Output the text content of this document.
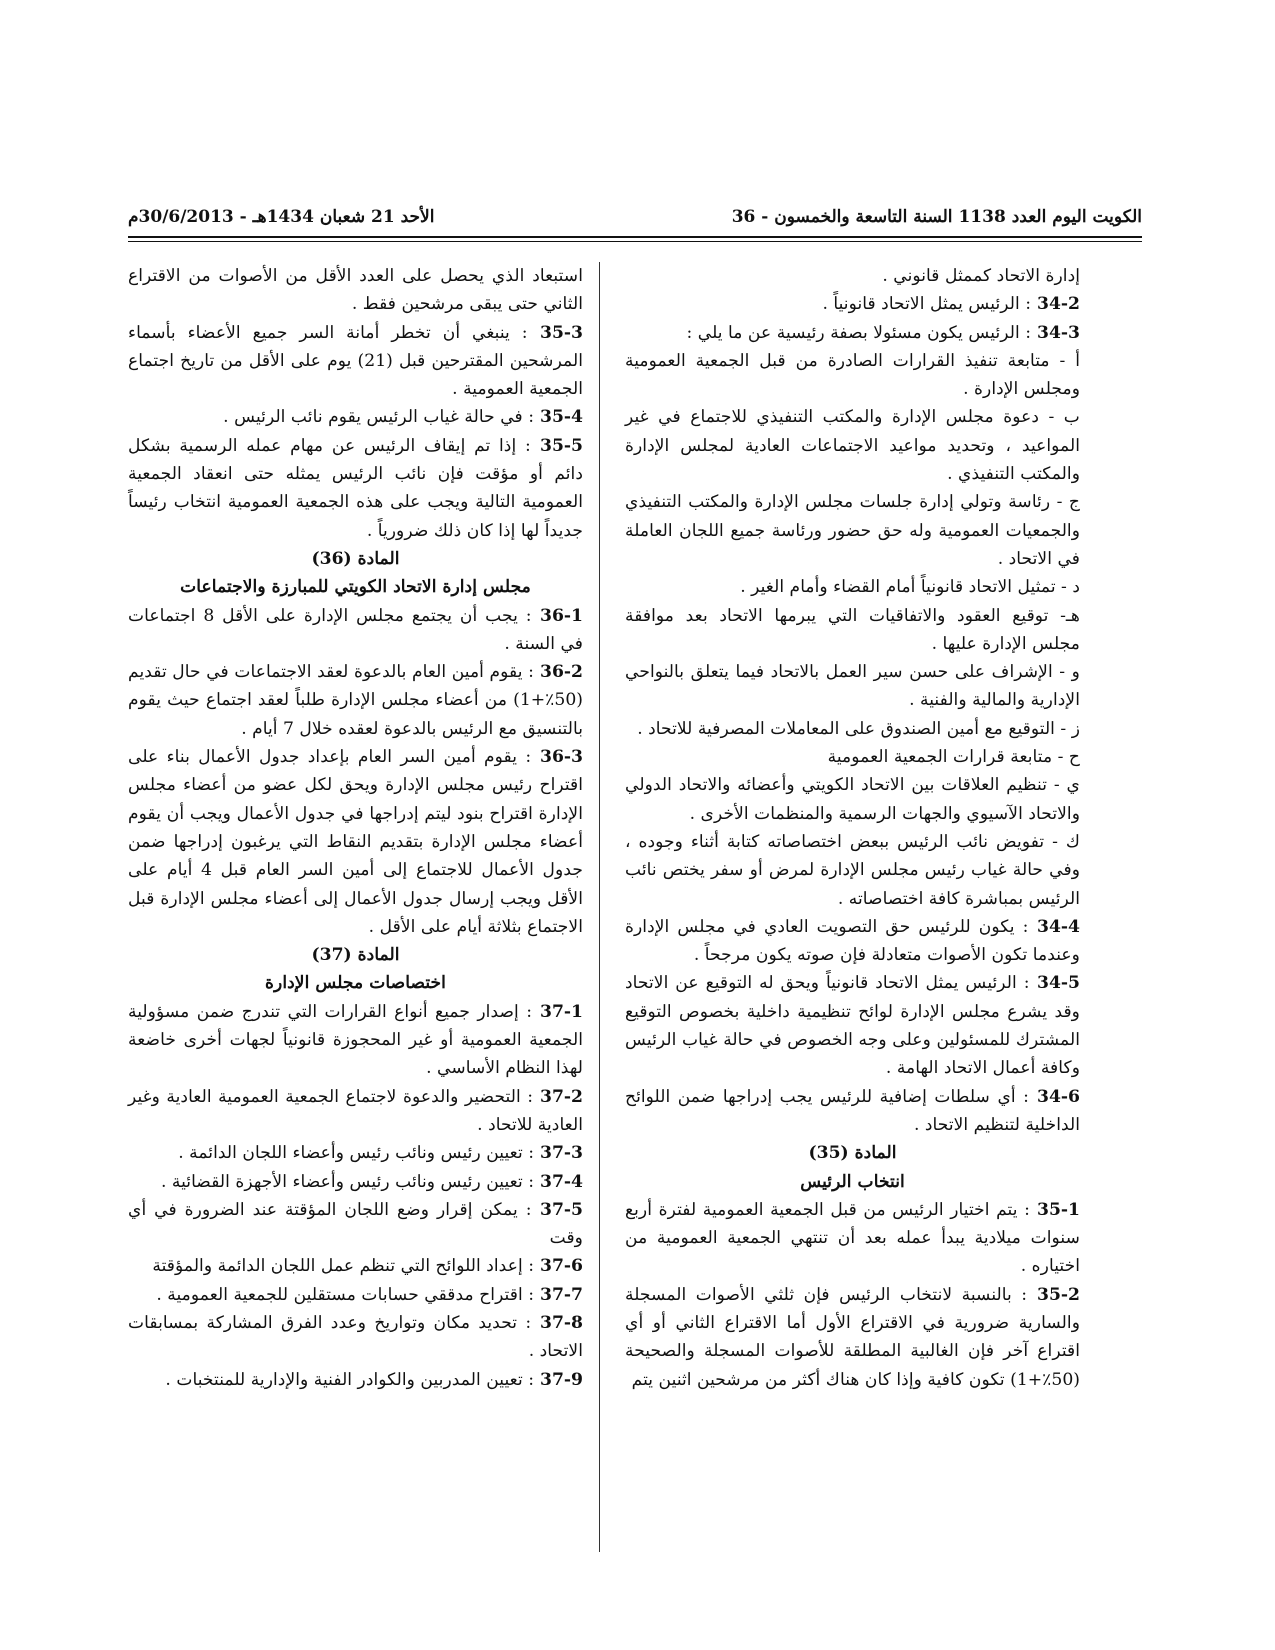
الكويت اليوم العدد 1138 السنة التاسعة والخمسون - 36
الأحد 21 شعبان 1434هـ - 30/6/2013م

إدارة الاتحاد كممثل قانوني .

34-2 : الرئيس يمثل الاتحاد قانونياً .

34-3 : الرئيس يكون مسئولا بصفة رئيسية عن ما يلي :

أ - متابعة تنفيذ القرارات الصادرة من قبل الجمعية العمومية ومجلس الإدارة .

ب - دعوة مجلس الإدارة والمكتب التنفيذي للاجتماع في غير المواعيد ، وتحديد مواعيد الاجتماعات العادية لمجلس الإدارة والمكتب التنفيذي .

ج - رئاسة وتولي إدارة جلسات مجلس الإدارة والمكتب التنفيذي والجمعيات العمومية وله حق حضور ورئاسة جميع اللجان العاملة في الاتحاد .

د - تمثيل الاتحاد قانونياً أمام القضاء وأمام الغير .

هـ- توقيع العقود والاتفاقيات التي يبرمها الاتحاد بعد موافقة مجلس الإدارة عليها .

و - الإشراف على حسن سير العمل بالاتحاد فيما يتعلق بالنواحي الإدارية والمالية والفنية .

ز - التوقيع مع أمين الصندوق على المعاملات المصرفية للاتحاد .

ح - متابعة قرارات الجمعية العمومية

ي - تنظيم العلاقات بين الاتحاد الكويتي وأعضائه والاتحاد الدولي والاتحاد الآسيوي والجهات الرسمية والمنظمات الأخرى .

ك - تفويض نائب الرئيس ببعض اختصاصاته كتابة أثناء وجوده ، وفي حالة غياب رئيس مجلس الإدارة لمرض أو سفر يختص نائب الرئيس بمباشرة كافة اختصاصاته .

34-4 : يكون للرئيس حق التصويت العادي في مجلس الإدارة وعندما تكون الأصوات متعادلة فإن صوته يكون مرجحاً .

34-5 : الرئيس يمثل الاتحاد قانونياً ويحق له التوقيع عن الاتحاد وقد يشرع مجلس الإدارة لوائح تنظيمية داخلية بخصوص التوقيع المشترك للمسئولين وعلى وجه الخصوص في حالة غياب الرئيس وكافة أعمال الاتحاد الهامة .

34-6 : أي سلطات إضافية للرئيس يجب إدراجها ضمن اللوائح الداخلية لتنظيم الاتحاد .

المادة (35)

انتخاب الرئيس

35-1 : يتم اختيار الرئيس من قبل الجمعية العمومية لفترة أربع سنوات ميلادية يبدأ عمله بعد أن تنتهي الجمعية العمومية من اختياره .

35-2 : بالنسبة لانتخاب الرئيس فإن ثلثي الأصوات المسجلة والسارية ضرورية في الاقتراع الأول أما الاقتراع الثاني أو أي اقتراع آخر فإن الغالبية المطلقة للأصوات المسجلة والصحيحة (50٪+1) تكون كافية وإذا كان هناك أكثر من مرشحين اثنين يتم

استبعاد الذي يحصل على العدد الأقل من الأصوات من الاقتراع الثاني حتى يبقى مرشحين فقط .

35-3 : ينبغي أن تخطر أمانة السر جميع الأعضاء بأسماء المرشحين المقترحين قبل (21) يوم على الأقل من تاريخ اجتماع الجمعية العمومية .

35-4 : في حالة غياب الرئيس يقوم نائب الرئيس .

35-5 : إذا تم إيقاف الرئيس عن مهام عمله الرسمية بشكل دائم أو مؤقت فإن نائب الرئيس يمثله حتى انعقاد الجمعية العمومية التالية ويجب على هذه الجمعية العمومية انتخاب رئيساً جديداً لها إذا كان ذلك ضرورياً .

المادة (36)

مجلس إدارة الاتحاد الكويتي للمبارزة والاجتماعات

36-1 : يجب أن يجتمع مجلس الإدارة على الأقل 8 اجتماعات في السنة .

36-2 : يقوم أمين العام بالدعوة لعقد الاجتماعات في حال تقديم (50٪+1) من أعضاء مجلس الإدارة طلباً لعقد اجتماع حيث يقوم بالتنسيق مع الرئيس بالدعوة لعقده خلال 7 أيام .

36-3 : يقوم أمين السر العام بإعداد جدول الأعمال بناء على اقتراح رئيس مجلس الإدارة ويحق لكل عضو من أعضاء مجلس الإدارة اقتراح بنود ليتم إدراجها في جدول الأعمال ويجب أن يقوم أعضاء مجلس الإدارة بتقديم النقاط التي يرغبون إدراجها ضمن جدول الأعمال للاجتماع إلى أمين السر العام قبل 4 أيام على الأقل ويجب إرسال جدول الأعمال إلى أعضاء مجلس الإدارة قبل الاجتماع بثلاثة أيام على الأقل .

المادة (37)

اختصاصات مجلس الإدارة

37-1 : إصدار جميع أنواع القرارات التي تندرج ضمن مسؤولية الجمعية العمومية أو غير المحجوزة قانونياً لجهات أخرى خاضعة لهذا النظام الأساسي .

37-2 : التحضير والدعوة لاجتماع الجمعية العمومية العادية وغير العادية للاتحاد .

37-3 : تعيين رئيس ونائب رئيس وأعضاء اللجان الدائمة .

37-4 : تعيين رئيس ونائب رئيس وأعضاء الأجهزة القضائية .

37-5 : يمكن إقرار وضع اللجان المؤقتة عند الضرورة في أي وقت

37-6 : إعداد اللوائح التي تنظم عمل اللجان الدائمة والمؤقتة

37-7 : اقتراح مدققي حسابات مستقلين للجمعية العمومية .

37-8 : تحديد مكان وتواريخ وعدد الفرق المشاركة بمسابقات الاتحاد .

37-9 : تعيين المدربين والكوادر الفنية والإدارية للمنتخبات .
